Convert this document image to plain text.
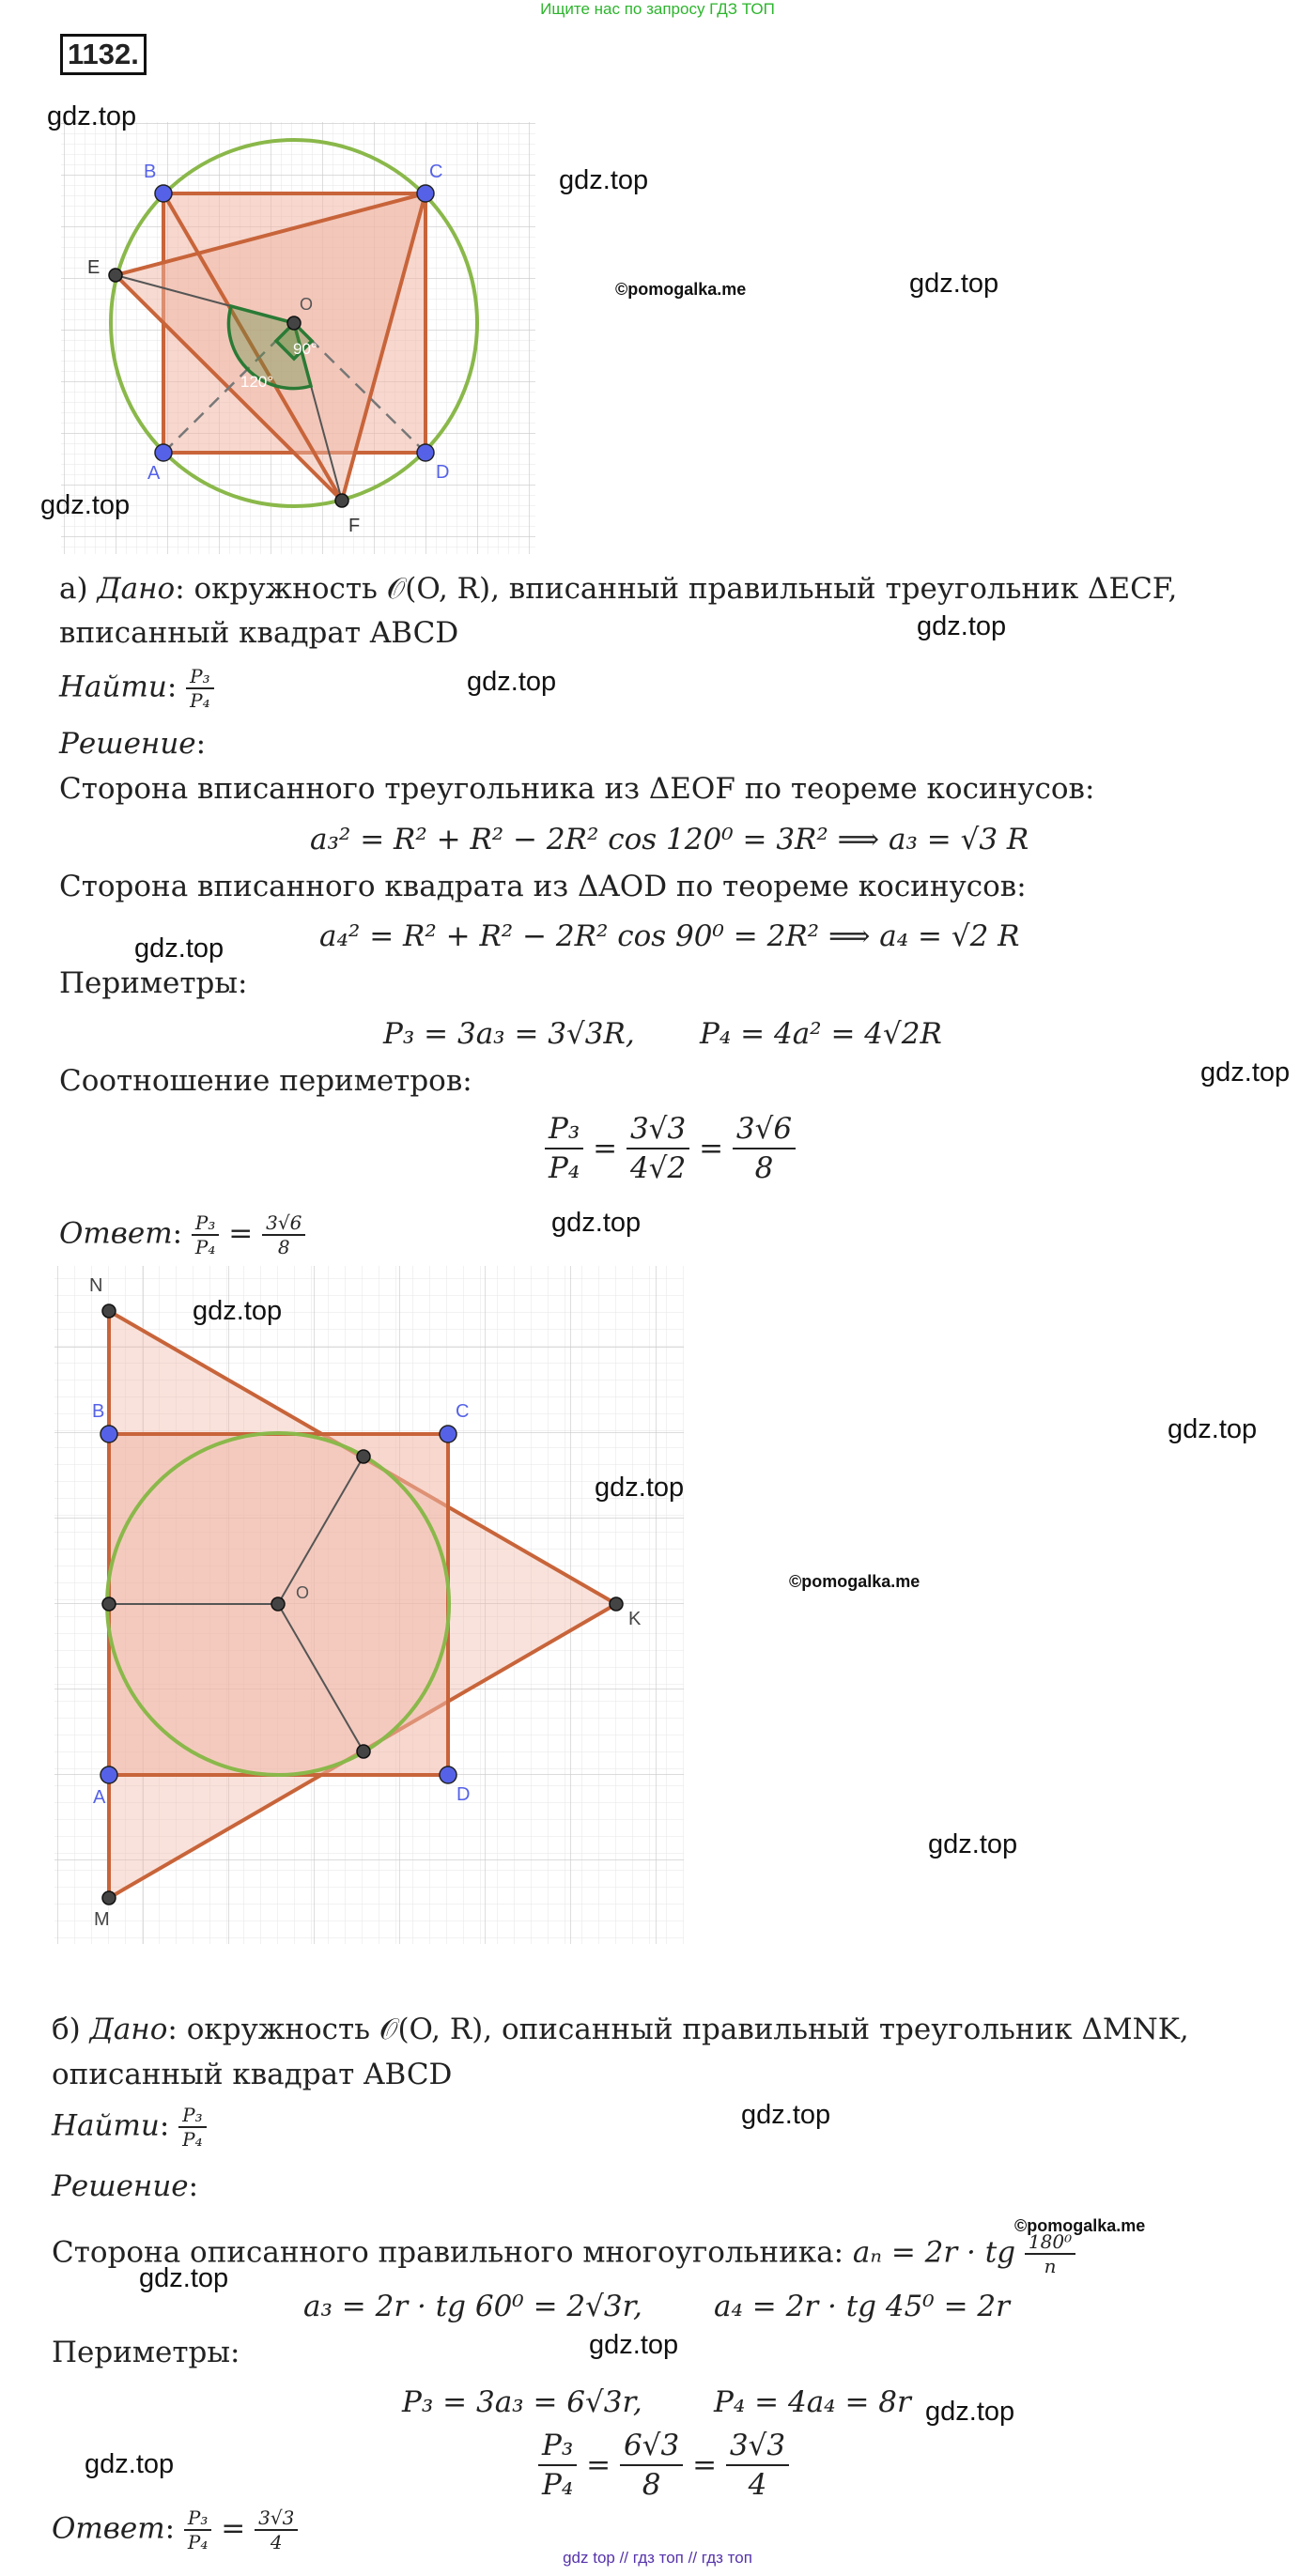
Ищите нас по запросу ГДЗ ТОП
1132.
90°
120°
B	C
D
A
E
F
O
gdz.top
gdz.top
gdz.top
©pomogalka.me
gdz.top
а) Дано: окружность 𝒪(O, R), вписанный правильный треугольник ΔECF,
вписанный квадрат ABCD	gdz.top
Найти: $\frac{\text{P₃}}{\text{P₄}}$	gdz.top
Решение:
Сторона вписанного треугольника из ΔEOF по теореме косинусов:
a₃² = R² + R² − 2R² cos 120⁰ = 3R² ⟹ a₃ = √3 R
Сторона вписанного квадрата из ΔAOD по теореме косинусов:
gdz.top	a₄² = R² + R² − 2R² cos 90⁰ = 2R² ⟹ a₄ = √2 R
Периметры:
P₃ = 3a₃ = 3√3R, P₄ = 4a² = 4√2R
gdz.top
Соотношение периметров:
$\frac{\text{P₃}}{\text{P₄}} = \frac{3√3}{4√2} = \frac{3√6}{8}$
Ответ: $\frac{\text{P₃}}{\text{P₄}} = \frac{3√6}{8}$	gdz.top
N
B	C
D
A
M
K
O
gdz.top
gdz.top
gdz.top
©pomogalka.me
gdz.top
б) Дано: окружность 𝒪(O, R), описанный правильный треугольник ΔMNK,
описанный квадрат ABCD
Найти: $\frac{\text{P₃}}{\text{P₄}}$	gdz.top
Решение:
Сторона описанного правильного многоугольника: aₙ = 2r · tg $\frac{\text{180⁰}}{n}$
©pomogalka.me
gdz.top
a₃ = 2r · tg 60⁰ = 2√3r, a₄ = 2r · tg 45⁰ = 2r
Периметры:	gdz.top
P₃ = 3a₃ = 6√3r, P₄ = 4a₄ = 8r gdz.top
$\frac{\text{P₃}}{\text{P₄}} = \frac{6√3}{8} = \frac{3√3}{4}$
gdz.top
Ответ: $\frac{\text{P₃}}{\text{P₄}} = \frac{3√3}{4}$
gdz top // гдз топ // гдз топ
